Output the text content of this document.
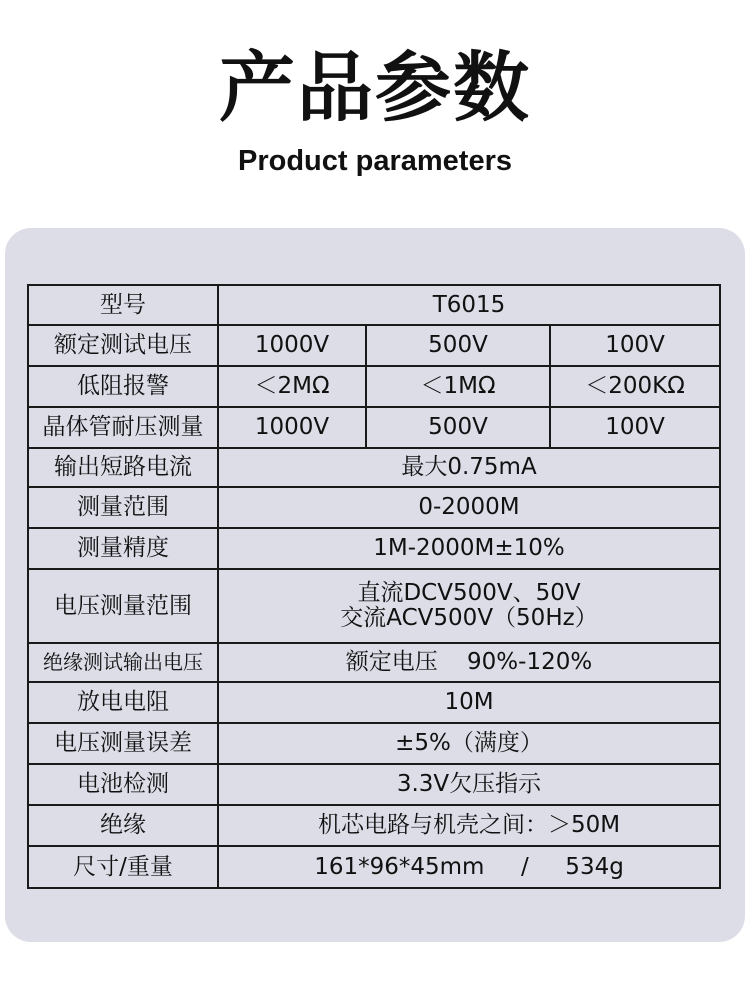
产品参数
Product parameters
型号	T6015		
额定测试电压	1000V	500V	100V
低阻报警	＜2MΩ	＜1MΩ	＜200KΩ
晶体管耐压测量	1000V	500V	100V
输出短路电流	最大0.75mA		
测量范围	0-2000M		
测量精度	1M-2000M±10%		
电压测量范围	直流DCV500V、50V
交流ACV500V（50Hz）		

绝缘测试输出电压	额定电压    90%-120%		
放电电阻	10M		
电压测量误差	±5%（满度）		
电池检测	3.3V欠压指示		
绝缘	机芯电路与机壳之间：＞50M		
尺寸/重量	161*96*45mm     /     534g		
